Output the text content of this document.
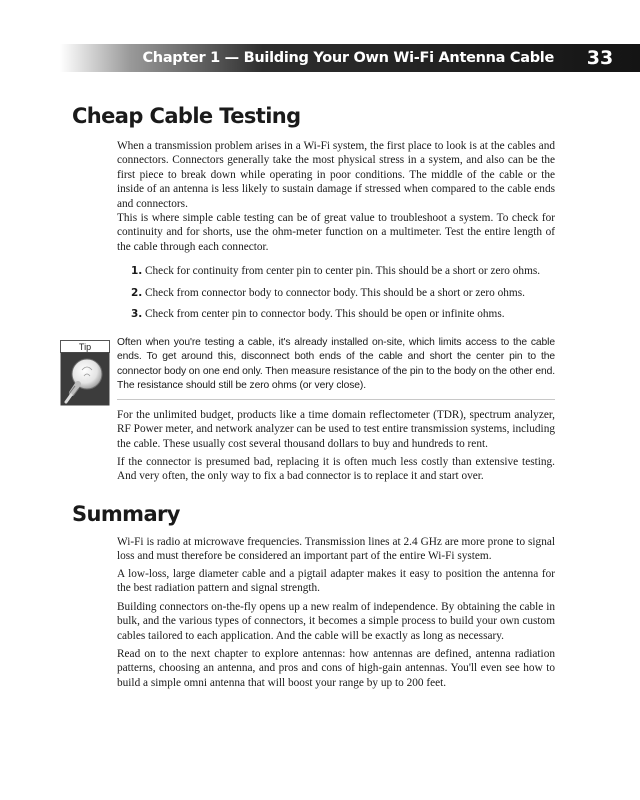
Chapter 1 — Building Your Own Wi-Fi Antenna Cable	33
Cheap Cable Testing

When a transmission problem arises in a Wi-Fi system, the first place to look is at the cables and connectors. Connectors generally take the most physical stress in a system, and also can be the first piece to break down while operating in poor conditions. The middle of the cable or the inside of an antenna is less likely to sustain damage if stressed when compared to the cable ends and connectors.

This is where simple cable testing can be of great value to troubleshoot a system. To check for continuity and for shorts, use the ohm-meter function on a multimeter. Test the entire length of the cable through each connector.

1. Check for continuity from center pin to center pin. This should be a short or zero ohms.

2. Check from connector body to connector body. This should be a short or zero ohms.

3. Check from center pin to connector body. This should be open or infinite ohms.

Tip	Often when you're testing a cable, it's already installed on-site, which limits access to the cable ends. To get around this, disconnect both ends of the cable and short the center pin to the connector body on one end only. Then measure resistance of the pin to the body on the other end. The resistance should still be zero ohms (or very close).

For the unlimited budget, products like a time domain reflectometer (TDR), spectrum analyzer, RF Power meter, and network analyzer can be used to test entire transmission systems, including the cable. These usually cost several thousand dollars to buy and hundreds to rent.

If the connector is presumed bad, replacing it is often much less costly than extensive testing. And very often, the only way to fix a bad connector is to replace it and start over.

Summary

Wi-Fi is radio at microwave frequencies. Transmission lines at 2.4 GHz are more prone to signal loss and must therefore be considered an important part of the entire Wi-Fi system.

A low-loss, large diameter cable and a pigtail adapter makes it easy to position the antenna for the best radiation pattern and signal strength.

Building connectors on-the-fly opens up a new realm of independence. By obtaining the cable in bulk, and the various types of connectors, it becomes a simple process to build your own custom cables tailored to each application. And the cable will be exactly as long as necessary.

Read on to the next chapter to explore antennas: how antennas are defined, antenna radiation patterns, choosing an antenna, and pros and cons of high-gain antennas. You'll even see how to build a simple omni antenna that will boost your range by up to 200 feet.
